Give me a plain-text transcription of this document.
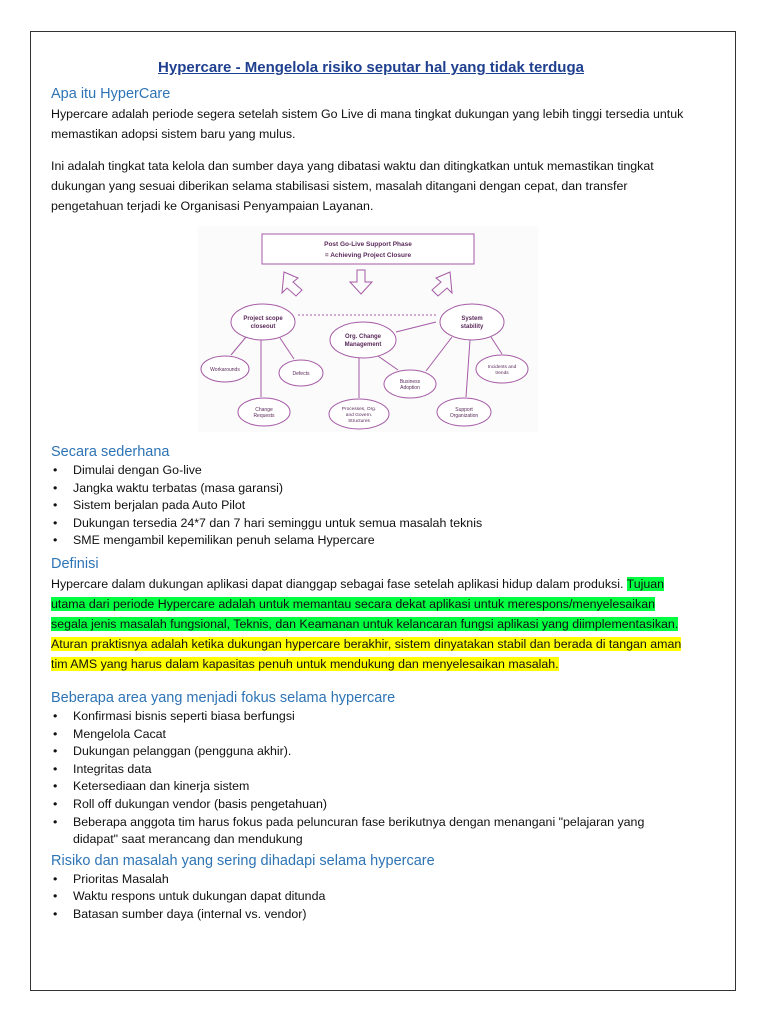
Hypercare - Mengelola risiko seputar hal yang tidak terduga
Apa itu HyperCare

Hypercare adalah periode segera setelah sistem Go Live di mana tingkat dukungan yang lebih tinggi tersedia untuk memastikan adopsi sistem baru yang mulus.

Ini adalah tingkat tata kelola dan sumber daya yang dibatasi waktu dan ditingkatkan untuk memastikan tingkat dukungan yang sesuai diberikan selama stabilisasi sistem, masalah ditangani dengan cepat, dan transfer pengetahuan terjadi ke Organisasi Penyampaian Layanan.

Post Go-Live Support Phase
= Achieving Project Closure
Project scope
closeout
Org. Change
Management
System
stability
Workarounds
Defects
Change
Requests
Processes, Org.
and Govern.
Structures
Business
Adoption
Incidents and
trends
Support
Organization
Secara sederhana
• Dimulai dengan Go-live
• Jangka waktu terbatas (masa garansi)
• Sistem berjalan pada Auto Pilot
• Dukungan tersedia 24*7 dan 7 hari seminggu untuk semua masalah teknis
• SME mengambil kepemilikan penuh selama Hypercare
Definisi

Hypercare dalam dukungan aplikasi dapat dianggap sebagai fase setelah aplikasi hidup dalam produksi. Tujuan utama dari periode Hypercare adalah untuk memantau secara dekat aplikasi untuk merespons/menyelesaikan segala jenis masalah fungsional, Teknis, dan Keamanan untuk kelancaran fungsi aplikasi yang diimplementasikan. Aturan praktisnya adalah ketika dukungan hypercare berakhir, sistem dinyatakan stabil dan berada di tangan aman tim AMS yang harus dalam kapasitas penuh untuk mendukung dan menyelesaikan masalah.

Beberapa area yang menjadi fokus selama hypercare
• Konfirmasi bisnis seperti biasa berfungsi
• Mengelola Cacat
• Dukungan pelanggan (pengguna akhir).
• Integritas data
• Ketersediaan dan kinerja sistem
• Roll off dukungan vendor (basis pengetahuan)
• Beberapa anggota tim harus fokus pada peluncuran fase berikutnya dengan menangani "pelajaran yang didapat" saat merancang dan mendukung
Risiko dan masalah yang sering dihadapi selama hypercare
• Prioritas Masalah
• Waktu respons untuk dukungan dapat ditunda
• Batasan sumber daya (internal vs. vendor)
